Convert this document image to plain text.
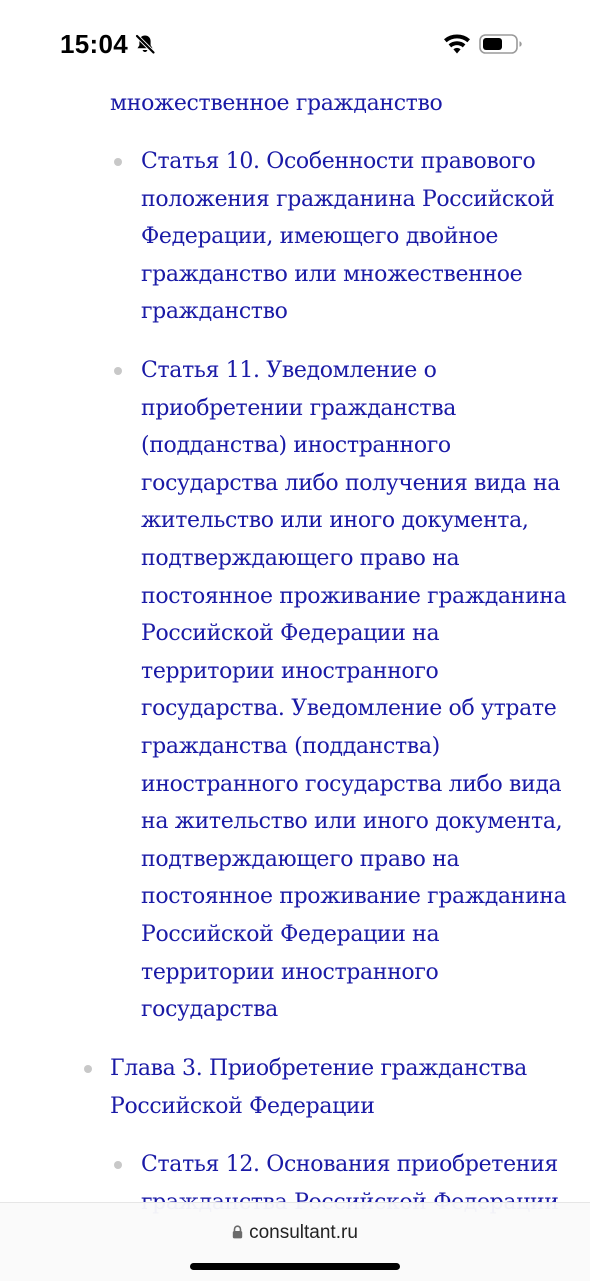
15:04
множественное гражданство
Статья 10. Особенности правового
положения гражданина Российской
Федерации, имеющего двойное
гражданство или множественное
гражданство
Статья 11. Уведомление о
приобретении гражданства
(подданства) иностранного
государства либо получения вида на
жительство или иного документа,
подтверждающего право на
постоянное проживание гражданина
Российской Федерации на
территории иностранного
государства. Уведомление об утрате
гражданства (подданства)
иностранного государства либо вида
на жительство или иного документа,
подтверждающего право на
постоянное проживание гражданина
Российской Федерации на
территории иностранного
государства
Глава 3. Приобретение гражданства
Российской Федерации
Статья 12. Основания приобретения
consultant.ru
